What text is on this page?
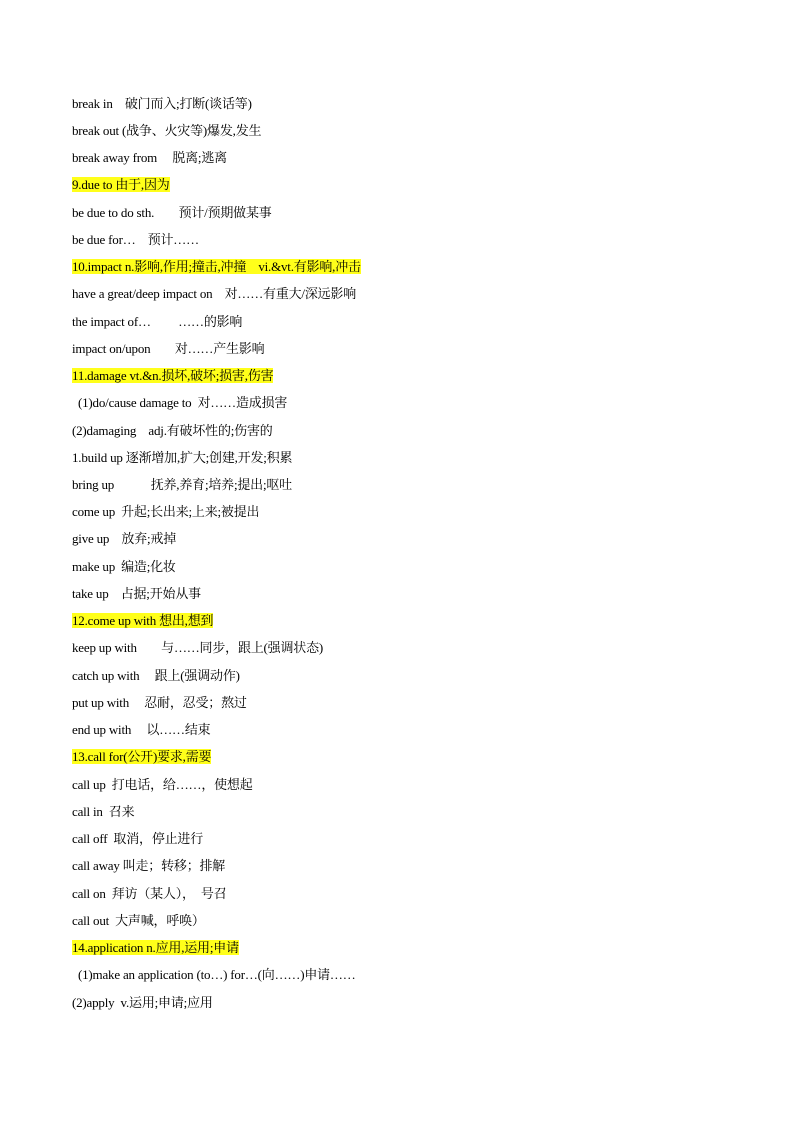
break in    破门而入;打断(谈话等)
break out (战争、火灾等)爆发,发生
break away from     脱离;逃离
9.due to 由于,因为
be due to do sth.        预计/预期做某事
be due for…    预计……
10.impact n.影响,作用;撞击,冲撞    vi.&vt.有影响,冲击
have a great/deep impact on    对……有重大/深远影响
the impact of…         ……的影响
impact on/upon        对……产生影响
11.damage vt.&n.损坏,破坏;损害,伤害
(1)do/cause damage to  对……造成损害
(2)damaging    adj.有破坏性的;伤害的
1.build up 逐渐增加,扩大;创建,开发;积累
bring up            抚养,养育;培养;提出;呕吐
come up  升起;长出来;上来;被提出
give up    放弃;戒掉
make up  编造;化妆
take up    占据;开始从事
12.come up with 想出,想到
keep up with        与……同步，跟上(强调状态)
catch up with     跟上(强调动作)
put up with     忍耐，忍受；熬过
end up with     以……结束
13.call for(公开)要求,需要
call up  打电话，给……，使想起
call in  召来
call off  取消，停止进行
call away 叫走；转移；排解
call on  拜访（某人），  号召
call out  大声喊，呼唤）
14.application n.应用,运用;申请
(1)make an application (to…) for…(向……)申请……
(2)apply  v.运用;申请;应用
